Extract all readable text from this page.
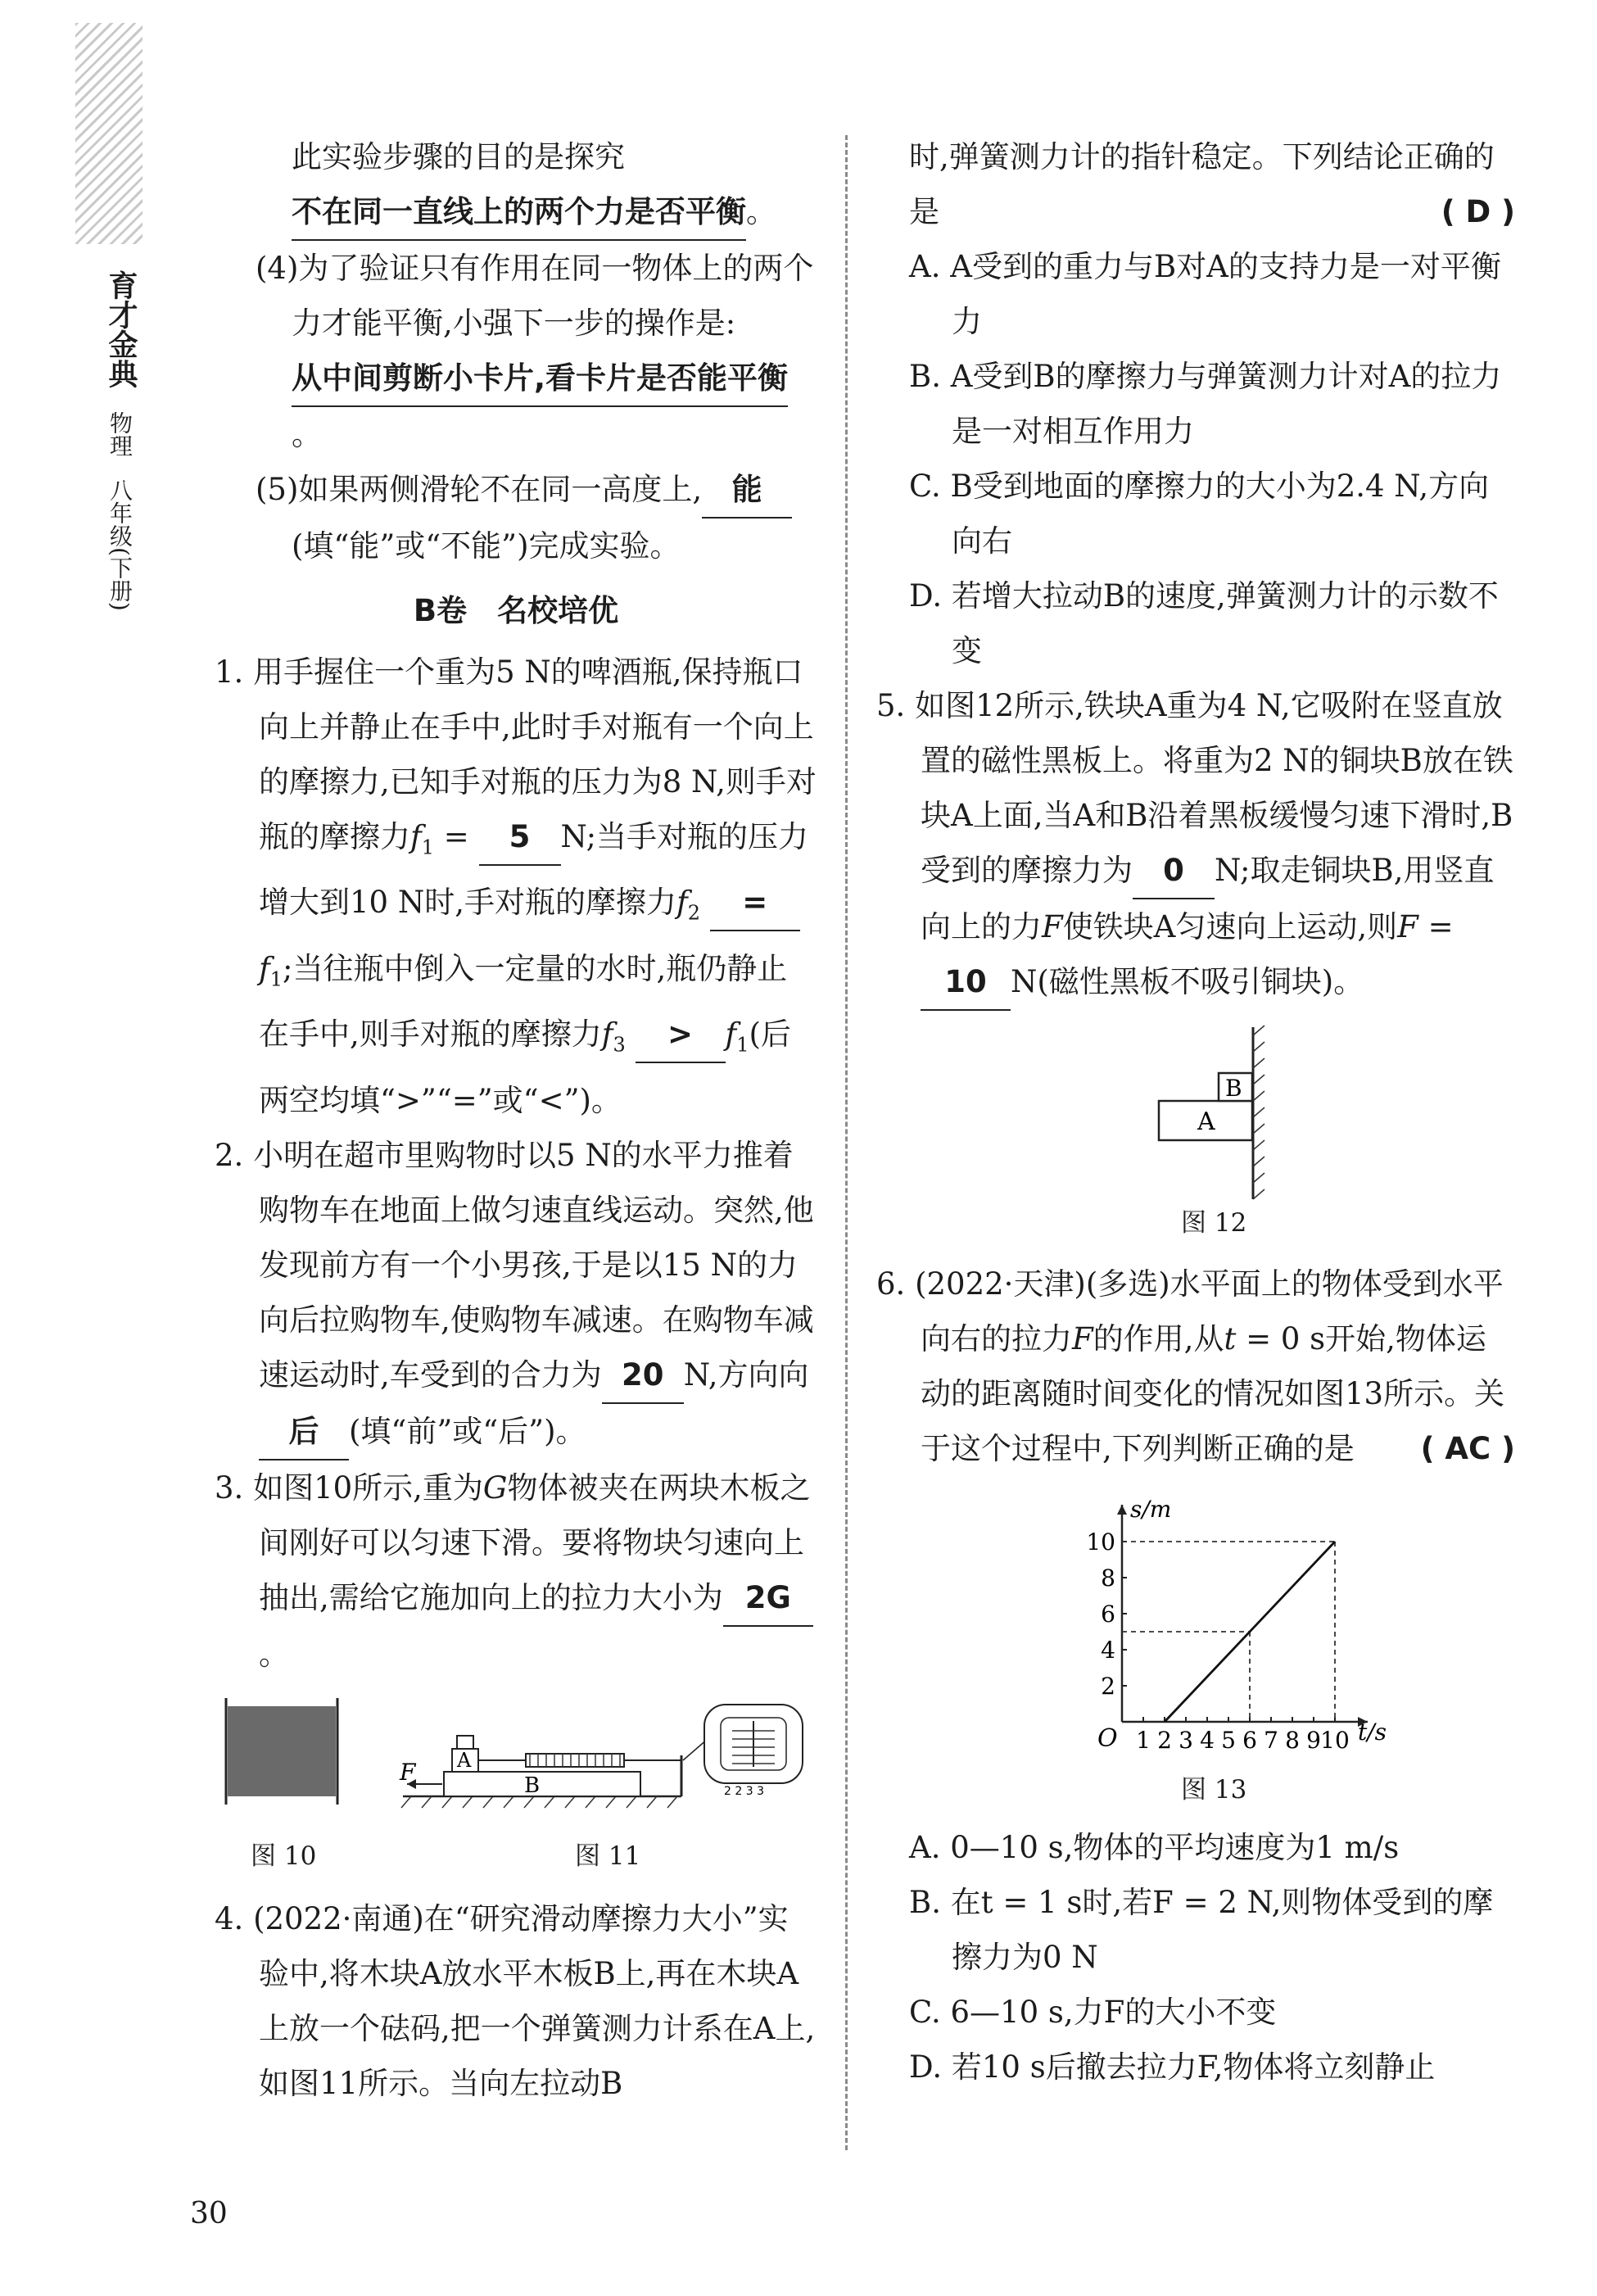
育才金典
物理
八年级(下册)

此实验步骤的目的是探究不在同一直线上的两个力是否平衡。

(4)为了验证只有作用在同一物体上的两个力才能平衡,小强下一步的操作是:从中间剪断小卡片,看卡片是否能平衡。

(5)如果两侧滑轮不在同一高度上, 能(填“能”或“不能”)完成实验。

B卷　名校培优

1. 用手握住一个重为5 N的啤酒瓶,保持瓶口向上并静止在手中,此时手对瓶有一个向上的摩擦力,已知手对瓶的压力为8 N,则手对瓶的摩擦力$f_1 = 5$ N;当手对瓶的压力增大到10 N时,手对瓶的摩擦力$f_2 =f_1$;当往瓶中倒入一定量的水时,瓶仍静止在手中,则手对瓶的摩擦力$f_3 > f_1$(后两空均填“>”“=”或“<”)。

2. 小明在超市里购物时以5 N的水平力推着购物车在地面上做匀速直线运动。突然,他发现前方有一个小男孩,于是以15 N的力向后拉购物车,使购物车减速。在购物车减速运动时,车受到的合力为 20 N,方向向后 (填“前”或“后”)。

3. 如图10所示,重为G物体被夹在两块木板之间刚好可以匀速下滑。要将物块匀速向上抽出,需给它施加向上的拉力大小为 2G。

F A
B	2 2 3 3
图 10	图 11

4. (2022·南通)在“研究滑动摩擦力大小”实验中,将木块A放水平木板B上,再在木块A上放一个砝码,把一个弹簧测力计系在A上,如图11所示。当向左拉动B

时,弹簧测力计的指针稳定。下列结论正确的是	( D )

A. A受到的重力与B对A的支持力是一对平衡力

B. A受到B的摩擦力与弹簧测力计对A的拉力是一对相互作用力

C. B受到地面的摩擦力的大小为2.4 N,方向向右

D. 若增大拉动B的速度,弹簧测力计的示数不变

5. 如图12所示,铁块A重为4 N,它吸附在竖直放置的磁性黑板上。将重为2 N的铜块B放在铁块A上面,当A和B沿着黑板缓慢匀速下滑时,B受到的摩擦力为 0 N;取走铜块B,用竖直向上的力F使铁块A匀速向上运动,则F = 10 N(磁性黑板不吸引铜块)。

A
B
图 12

6. (2022·天津)(多选)水平面上的物体受到水平向右的拉力F的作用,从t = 0 s开始,物体运动的距离随时间变化的情况如图13所示。关于这个过程中,下列判断正确的是 ( AC )

O	t/s
s/m
1 2 3 4 5 6 7 8 9 10
2
4
6
8
10
图 13

A. 0—10 s,物体的平均速度为1 m/s

B. 在t = 1 s时,若F = 2 N,则物体受到的摩擦力为0 N

C. 6—10 s,力F的大小不变

D. 若10 s后撤去拉力F,物体将立刻静止

30
